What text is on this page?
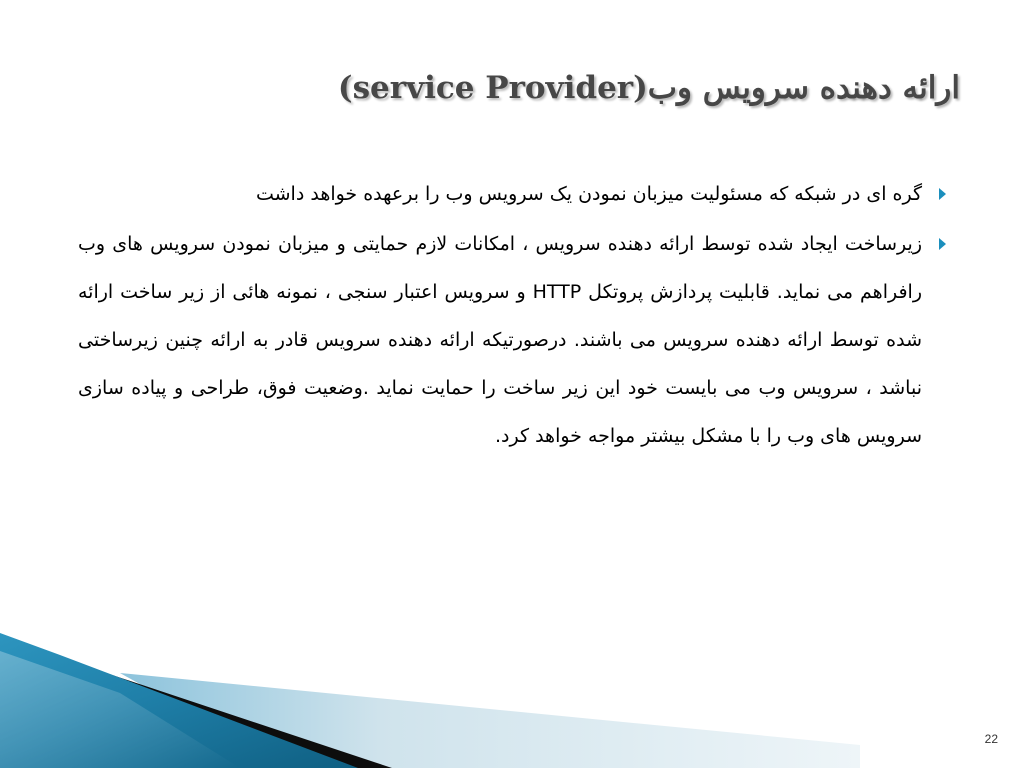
ارائه دهنده سرویس وب(service Provider)
گره ای در شبکه که مسئولیت میزبان نمودن یک سرویس وب را برعهده خواهد داشت
زیرساخت ایجاد شده توسط ارائه دهنده سرویس ، امکانات لازم حمایتی و میزبان نمودن سرویس های وب رافراهم می نماید. قابلیت پردازش پروتکل HTTP و سرویس اعتبار سنجی ، نمونه هائی از زیر ساخت ارائه شده توسط ارائه دهنده سرویس می باشند. درصورتیکه ارائه دهنده سرویس قادر به ارائه چنین زیرساختی نباشد ، سرویس وب می بایست خود این زیر ساخت را حمایت نماید .وضعیت فوق، طراحی و پیاده سازی سرویس های وب را با مشکل بیشتر مواجه خواهد کرد.
22
